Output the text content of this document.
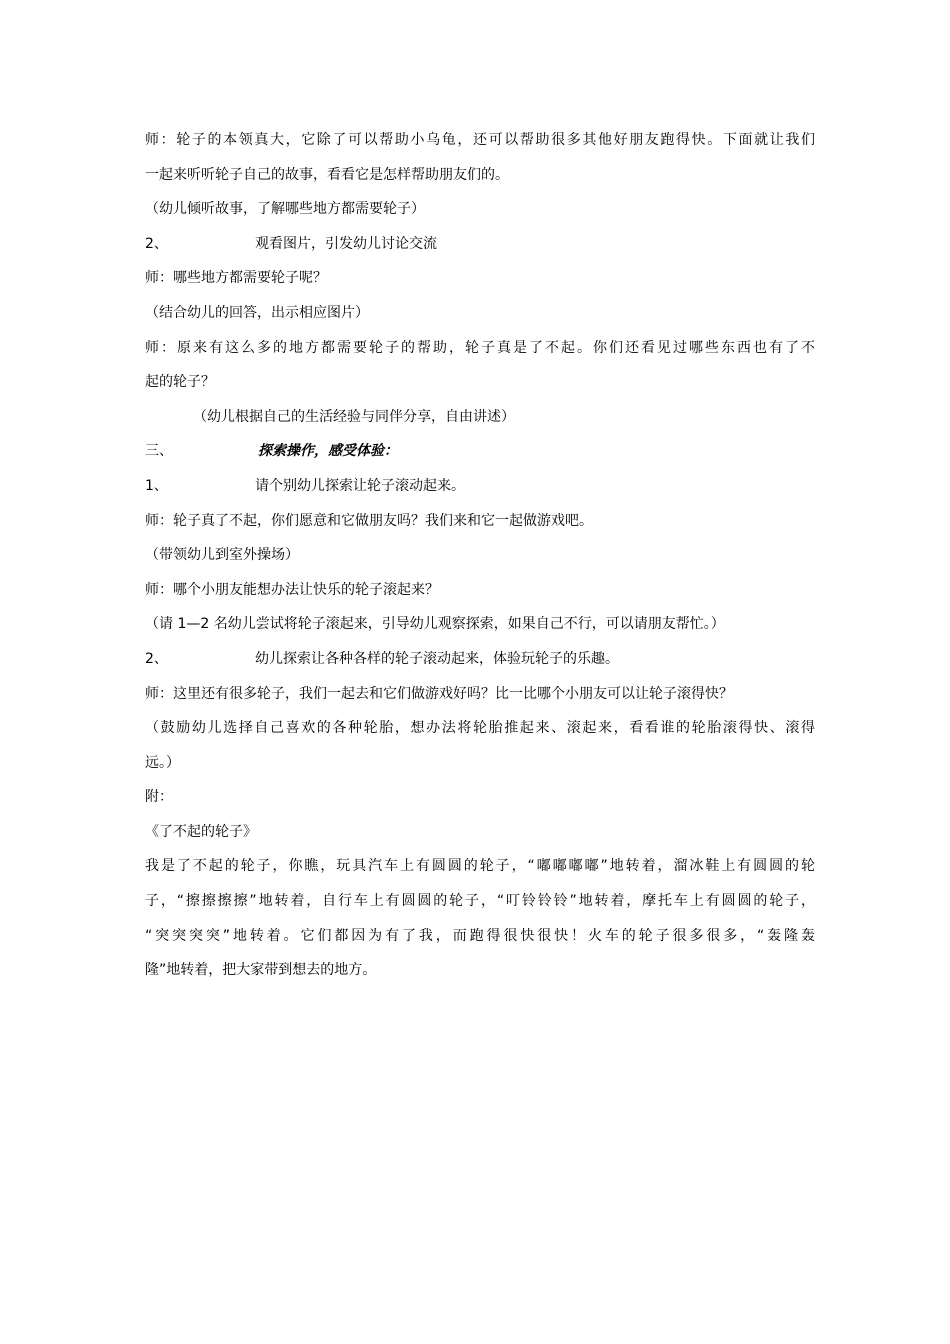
师：轮子的本领真大，它除了可以帮助小乌龟，还可以帮助很多其他好朋友跑得快。下面就让我们

一起来听听轮子自己的故事，看看它是怎样帮助朋友们的。

（幼儿倾听故事，了解哪些地方都需要轮子）

2、	观看图片，引发幼儿讨论交流

师：哪些地方都需要轮子呢？

（结合幼儿的回答，出示相应图片）

师：原来有这么多的地方都需要轮子的帮助，轮子真是了不起。你们还看见过哪些东西也有了不

起的轮子？

（幼儿根据自己的生活经验与同伴分享，自由讲述）

三、	探索操作，感受体验：

1、	请个别幼儿探索让轮子滚动起来。

师：轮子真了不起，你们愿意和它做朋友吗？我们来和它一起做游戏吧。

（带领幼儿到室外操场）

师：哪个小朋友能想办法让快乐的轮子滚起来？

（请 1—2 名幼儿尝试将轮子滚起来，引导幼儿观察探索，如果自己不行，可以请朋友帮忙。）

2、	幼儿探索让各种各样的轮子滚动起来，体验玩轮子的乐趣。

师：这里还有很多轮子，我们一起去和它们做游戏好吗？比一比哪个小朋友可以让轮子滚得快？

（鼓励幼儿选择自己喜欢的各种轮胎，想办法将轮胎推起来、滚起来，看看谁的轮胎滚得快、滚得

远。）

附：

《了不起的轮子》

我是了不起的轮子，你瞧，玩具汽车上有圆圆的轮子，“嘟嘟嘟嘟”地转着，溜冰鞋上有圆圆的轮

子，“擦擦擦擦”地转着，自行车上有圆圆的轮子，“叮铃铃铃”地转着，摩托车上有圆圆的轮子，

“突突突突”地转着。它们都因为有了我，而跑得很快很快！火车的轮子很多很多，“轰隆轰

隆”地转着，把大家带到想去的地方。
